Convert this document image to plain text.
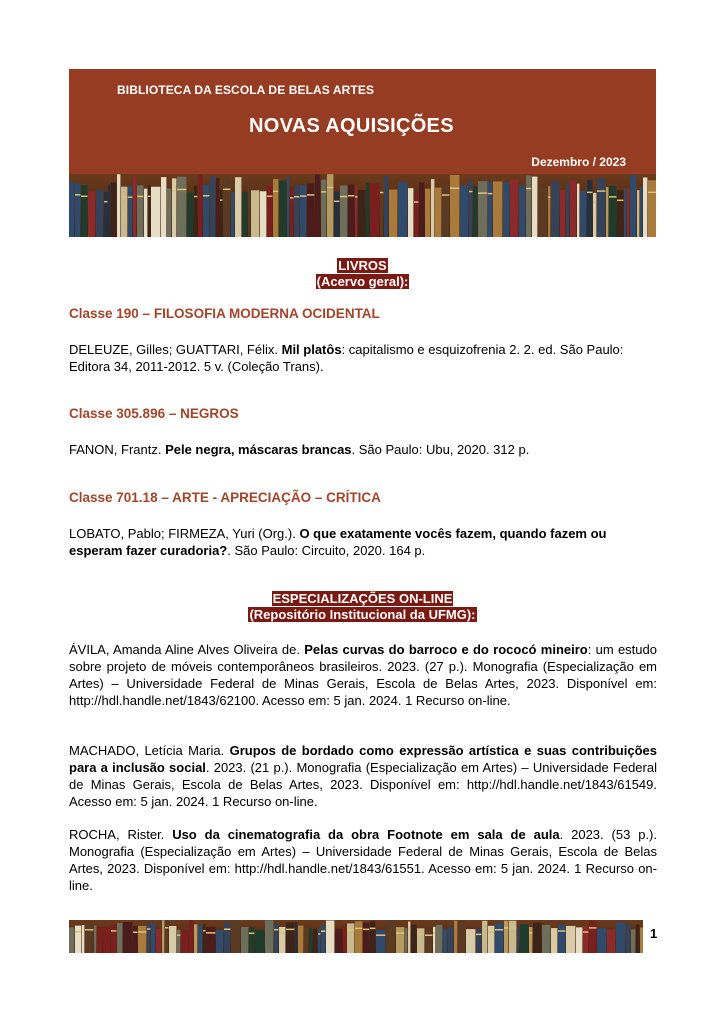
BIBLIOTECA DA ESCOLA DE BELAS ARTES
NOVAS AQUISIÇÕES
Dezembro / 2023
LIVROS
(Acervo geral):
Classe 190 – FILOSOFIA MODERNA OCIDENTAL
DELEUZE, Gilles; GUATTARI, Félix. Mil platôs: capitalismo e esquizofrenia 2. 2. ed. São Paulo: Editora 34, 2011-2012. 5 v. (Coleção Trans).
Classe 305.896 – NEGROS
FANON, Frantz. Pele negra, máscaras brancas. São Paulo: Ubu, 2020. 312 p.
Classe 701.18 – ARTE - APRECIAÇÃO – CRÍTICA
LOBATO, Pablo; FIRMEZA, Yuri (Org.). O que exatamente vocês fazem, quando fazem ou esperam fazer curadoria?. São Paulo: Circuito, 2020. 164 p.
ESPECIALIZAÇÕES ON-LINE
(Repositório Institucional da UFMG):
ÁVILA, Amanda Aline Alves Oliveira de. Pelas curvas do barroco e do rococó mineiro: um estudo sobre projeto de móveis contemporâneos brasileiros. 2023. (27 p.). Monografia (Especialização em Artes) – Universidade Federal de Minas Gerais, Escola de Belas Artes, 2023. Disponível em: http://hdl.handle.net/1843/62100. Acesso em: 5 jan. 2024. 1 Recurso on-line.
MACHADO, Letícia Maria. Grupos de bordado como expressão artística e suas contribuições para a inclusão social. 2023. (21 p.). Monografia (Especialização em Artes) – Universidade Federal de Minas Gerais, Escola de Belas Artes, 2023. Disponível em: http://hdl.handle.net/1843/61549. Acesso em: 5 jan. 2024. 1 Recurso on-line.
ROCHA, Rister. Uso da cinematografia da obra Footnote em sala de aula. 2023. (53 p.). Monografia (Especialização em Artes) – Universidade Federal de Minas Gerais, Escola de Belas Artes, 2023. Disponível em: http://hdl.handle.net/1843/61551. Acesso em: 5 jan. 2024. 1 Recurso on-line.
1
